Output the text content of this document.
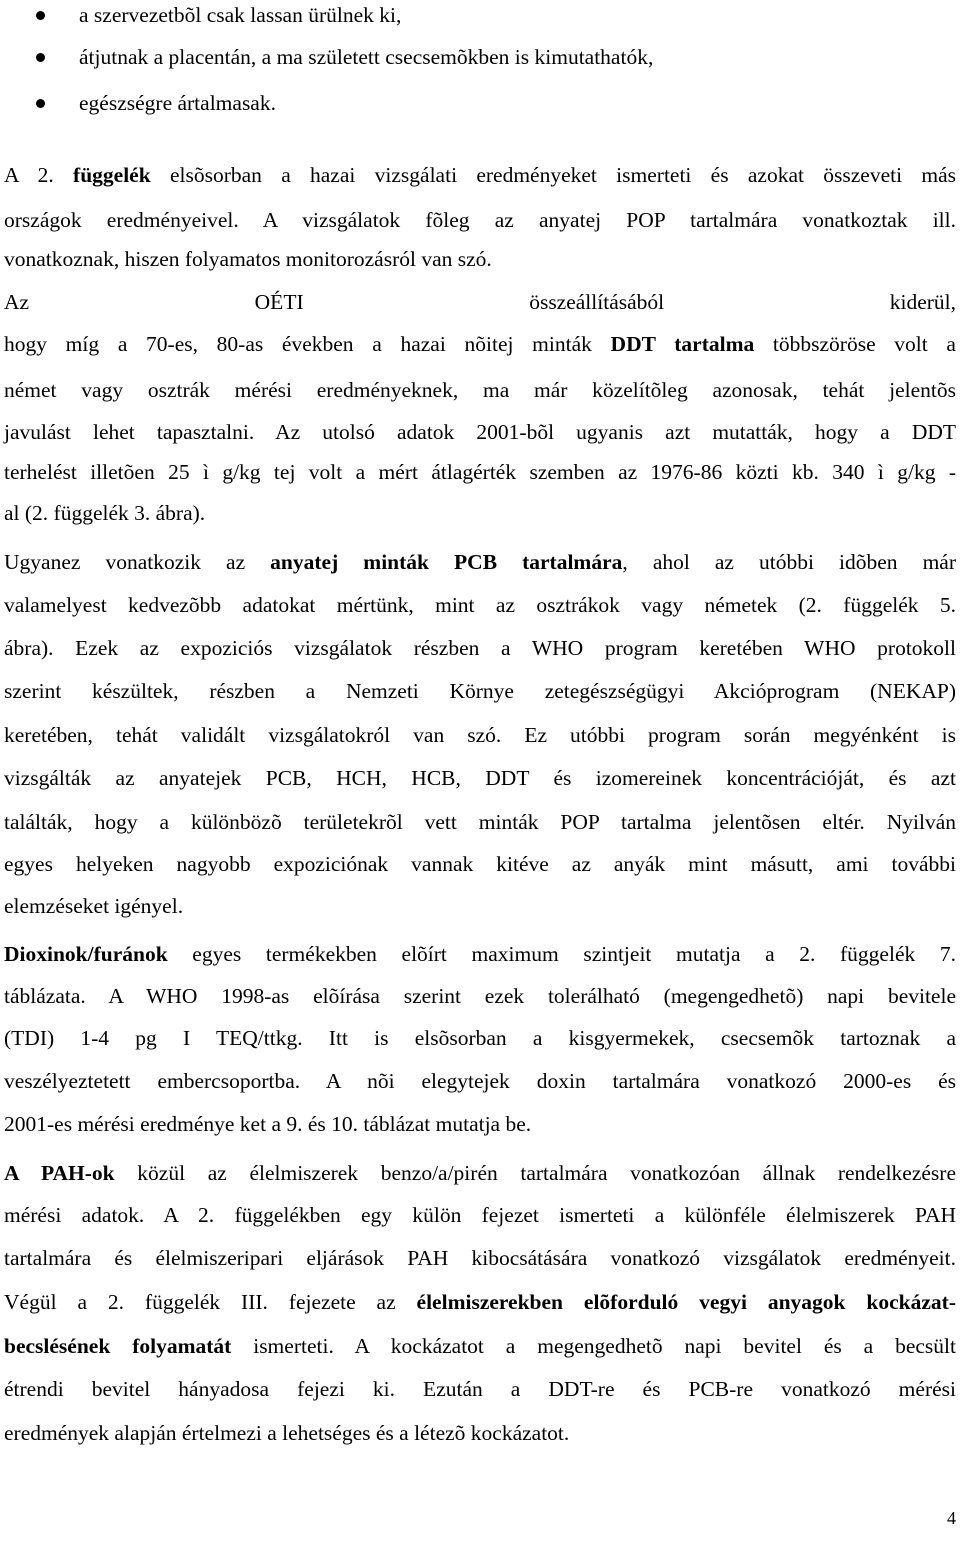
a szervezetbõl csak lassan ürülnek ki,
átjutnak a placentán, a ma született csecsemõkben is kimutathatók,
egészségre ártalmasak.
A 2. függelék elsõsorban a hazai vizsgálati eredményeket ismerteti és azokat összeveti más
országok eredményeivel. A vizsgálatok fõleg az anyatej POP tartalmára vonatkoztak ill.
vonatkoznak, hiszen folyamatos monitorozásról van szó.
Az OÉTI összeállításából kiderül,
hogy míg a 70-es, 80-as években a hazai nõitej minták DDT tartalma többszöröse volt a
német vagy osztrák mérési eredményeknek, ma már közelítõleg azonosak, tehát jelentõs
javulást lehet tapasztalni. Az utolsó adatok 2001-bõl ugyanis azt mutatták, hogy a DDT
terhelést illetõen 25 ì g/kg tej volt a mért átlagérték szemben az 1976-86 közti kb. 340 ì g/kg -
al (2. függelék 3. ábra).
Ugyanez vonatkozik az anyatej minták PCB tartalmára, ahol az utóbbi idõben már
valamelyest kedvezõbb adatokat mértünk, mint az osztrákok vagy németek (2. függelék 5.
ábra). Ezek az expoziciós vizsgálatok részben a WHO program keretében WHO protokoll
szerint készültek, részben a Nemzeti Környe zetegészségügyi Akcióprogram (NEKAP)
keretében, tehát validált vizsgálatokról van szó. Ez utóbbi program során megyénként is
vizsgálták az anyatejek PCB, HCH, HCB, DDT és izomereinek koncentrációját, és azt
találták, hogy a különbözõ területekrõl vett minták POP tartalma jelentõsen eltér. Nyilván
egyes helyeken nagyobb expoziciónak vannak kitéve az anyák mint másutt, ami további
elemzéseket igényel.
Dioxinok/furánok egyes termékekben elõírt maximum szintjeit mutatja a 2. függelék 7.
táblázata. A WHO 1998-as elõírása szerint ezek tolerálható (megengedhetõ) napi bevitele
(TDI) 1-4 pg I TEQ/ttkg. Itt is elsõsorban a kisgyermekek, csecsemõk tartoznak a
veszélyeztetett embercsoportba. A nõi elegytejek doxin tartalmára vonatkozó 2000-es és
2001-es mérési eredménye ket a 9. és 10. táblázat mutatja be.
A PAH-ok közül az élelmiszerek benzo/a/pirén tartalmára vonatkozóan állnak rendelkezésre
mérési adatok. A 2. függelékben egy külön fejezet ismerteti a különféle élelmiszerek PAH
tartalmára és élelmiszeripari eljárások PAH kibocsátására vonatkozó vizsgálatok eredményeit.
Végül a 2. függelék III. fejezete az élelmiszerekben elõforduló vegyi anyagok kockázat-
becslésének folyamatát ismerteti. A kockázatot a megengedhetõ napi bevitel és a becsült
étrendi bevitel hányadosa fejezi ki. Ezután a DDT-re és PCB-re vonatkozó mérési
eredmények alapján értelmezi a lehetséges és a létezõ kockázatot.
4
